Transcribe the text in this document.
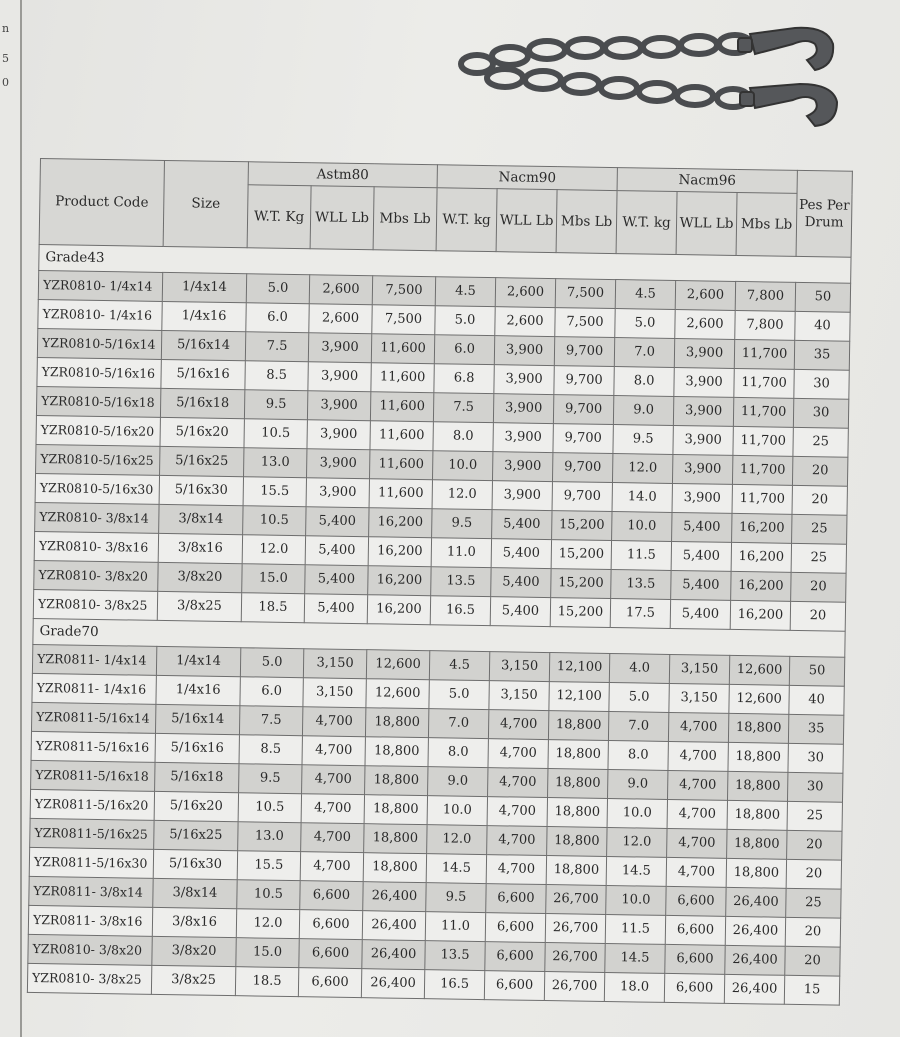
n
5
0
Product Code	Size	Astm80			Nacm90			Nacm96			Pes Per Drum
		W.T. Kg	WLL Lb	Mbs Lb	W.T. kg	WLL Lb	Mbs Lb	W.T. kg	WLL Lb	Mbs Lb	
Grade43											
YZR0810- 1/4x14	1/4x14	5.0	2,600	7,500	4.5	2,600	7,500	4.5	2,600	7,800	50
YZR0810- 1/4x16	1/4x16	6.0	2,600	7,500	5.0	2,600	7,500	5.0	2,600	7,800	40
YZR0810-5/16x14	5/16x14	7.5	3,900	11,600	6.0	3,900	9,700	7.0	3,900	11,700	35
YZR0810-5/16x16	5/16x16	8.5	3,900	11,600	6.8	3,900	9,700	8.0	3,900	11,700	30
YZR0810-5/16x18	5/16x18	9.5	3,900	11,600	7.5	3,900	9,700	9.0	3,900	11,700	30
YZR0810-5/16x20	5/16x20	10.5	3,900	11,600	8.0	3,900	9,700	9.5	3,900	11,700	25
YZR0810-5/16x25	5/16x25	13.0	3,900	11,600	10.0	3,900	9,700	12.0	3,900	11,700	20
YZR0810-5/16x30	5/16x30	15.5	3,900	11,600	12.0	3,900	9,700	14.0	3,900	11,700	20
YZR0810- 3/8x14	3/8x14	10.5	5,400	16,200	9.5	5,400	15,200	10.0	5,400	16,200	25
YZR0810- 3/8x16	3/8x16	12.0	5,400	16,200	11.0	5,400	15,200	11.5	5,400	16,200	25
YZR0810- 3/8x20	3/8x20	15.0	5,400	16,200	13.5	5,400	15,200	13.5	5,400	16,200	20
YZR0810- 3/8x25	3/8x25	18.5	5,400	16,200	16.5	5,400	15,200	17.5	5,400	16,200	20
Grade70											
YZR0811- 1/4x14	1/4x14	5.0	3,150	12,600	4.5	3,150	12,100	4.0	3,150	12,600	50
YZR0811- 1/4x16	1/4x16	6.0	3,150	12,600	5.0	3,150	12,100	5.0	3,150	12,600	40
YZR0811-5/16x14	5/16x14	7.5	4,700	18,800	7.0	4,700	18,800	7.0	4,700	18,800	35
YZR0811-5/16x16	5/16x16	8.5	4,700	18,800	8.0	4,700	18,800	8.0	4,700	18,800	30
YZR0811-5/16x18	5/16x18	9.5	4,700	18,800	9.0	4,700	18,800	9.0	4,700	18,800	30
YZR0811-5/16x20	5/16x20	10.5	4,700	18,800	10.0	4,700	18,800	10.0	4,700	18,800	25
YZR0811-5/16x25	5/16x25	13.0	4,700	18,800	12.0	4,700	18,800	12.0	4,700	18,800	20
YZR0811-5/16x30	5/16x30	15.5	4,700	18,800	14.5	4,700	18,800	14.5	4,700	18,800	20
YZR0811- 3/8x14	3/8x14	10.5	6,600	26,400	9.5	6,600	26,700	10.0	6,600	26,400	25
YZR0811- 3/8x16	3/8x16	12.0	6,600	26,400	11.0	6,600	26,700	11.5	6,600	26,400	20
YZR0810- 3/8x20	3/8x20	15.0	6,600	26,400	13.5	6,600	26,700	14.5	6,600	26,400	20
YZR0810- 3/8x25	3/8x25	18.5	6,600	26,400	16.5	6,600	26,700	18.0	6,600	26,400	15
